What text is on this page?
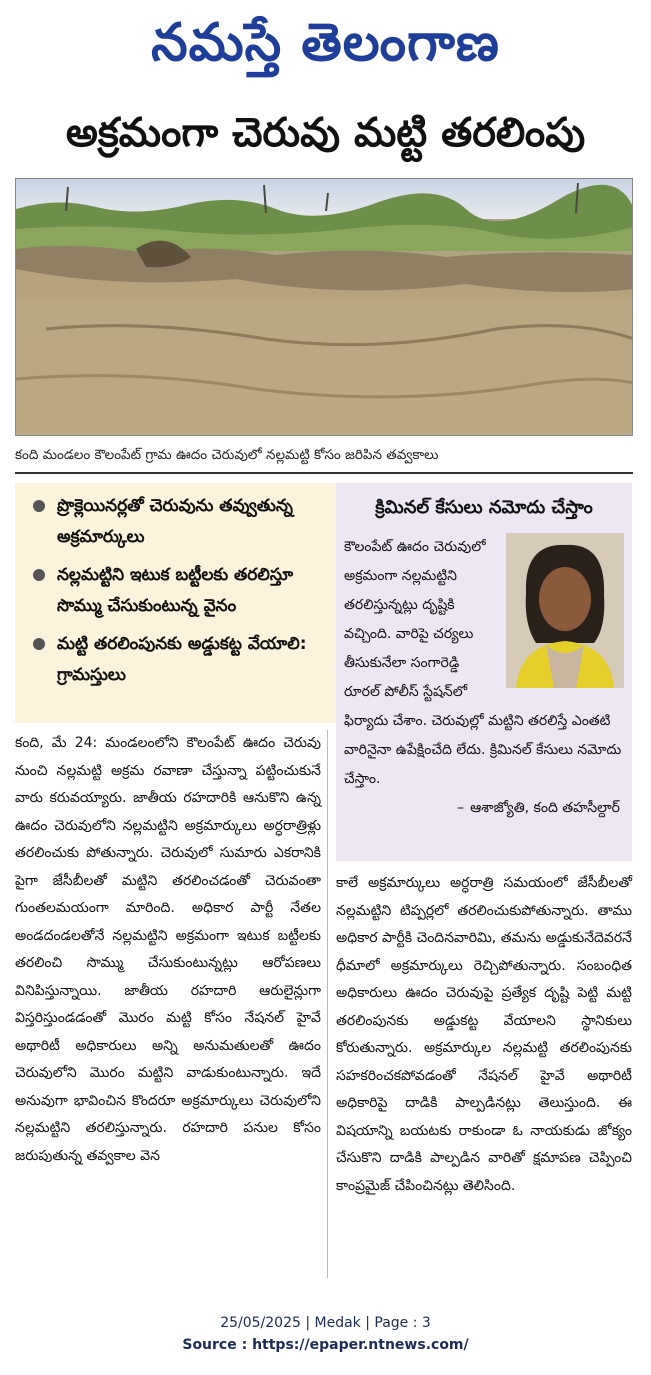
నమస్తే తెలంగాణ
అక్రమంగా చెరువు మట్టి తరలింపు
కంది మండలం కౌలంపేట్ గ్రామ ఊదం చెరువులో నల్లమట్టి కోసం జరిపిన తవ్వకాలు
ప్రొక్లెయినర్లతో చెరువును తవ్వుతున్న అక్రమార్కులు
నల్లమట్టిని ఇటుక బట్టీలకు తరలిస్తూ సొమ్ము చేసుకుంటున్న వైనం
మట్టి తరలింపునకు అడ్డుకట్ట వేయాలి: గ్రామస్తులు
క్రిమినల్ కేసులు నమోదు చేస్తాం

కౌలంపేట్ ఊదం చెరువులో అక్రమంగా నల్లమట్టిని తరలిస్తున్నట్లు దృష్టికి వచ్చింది. వారిపై చర్యలు తీసుకునేలా సంగారెడ్డి రూరల్ పోలీస్ స్టేషన్‌లో ఫిర్యాదు చేశాం. చెరువుల్లో మట్టిని తరలిస్తే ఎంతటి వారినైనా ఉపేక్షించేది లేదు. క్రిమినల్ కేసులు నమోదు చేస్తాం.

– ఆశాజ్యోతి, కంది తహసీల్దార్
కంది, మే 24: మండలంలోని కౌలంపేట్ ఊదం చెరువు నుంచి నల్లమట్టి అక్రమ రవాణా చేస్తున్నా పట్టించుకునే వారు కరువయ్యారు. జాతీయ రహదారికి ఆనుకొని ఉన్న ఊదం చెరువులోని నల్లమట్టిని అక్రమార్కులు అర్ధరాత్రిళ్లు తరలించుకు పోతున్నారు. చెరువులో సుమారు ఎకరానికి పైగా జేసీబీలతో మట్టిని తరలించడంతో చెరువంతా గుంతలమయంగా మారింది. అధికార పార్టీ నేతల అండదండలతోనే నల్లమట్టిని అక్రమంగా ఇటుక బట్టీలకు తరలించి సొమ్ము చేసుకుంటున్నట్లు ఆరోపణలు వినిపిస్తున్నాయి. జాతీయ రహదారి ఆరులైన్లుగా విస్తరిస్తుండడంతో మొరం మట్టి కోసం నేషనల్ హైవే అథారిటీ అధికారులు అన్ని అనుమతులతో ఊదం చెరువులోని మొరం మట్టిని వాడుకుంటున్నారు. ఇదే అనువుగా భావించిన కొందరూ అక్రమార్కులు చెరువులోని నల్లమట్టిని తరలిస్తున్నారు. రహదారి పనుల కోసం జరుపుతున్న తవ్వకాల వెన
కాలే అక్రమార్కులు అర్ధరాత్రి సమయంలో జేసీబీలతో నల్లమట్టిని టిప్పర్లలో తరలించుకుపోతున్నారు. తాము అధికార పార్టీకి చెందినవారిమి, తమను అడ్డుకునేదెవరనే ధీమాలో అక్రమార్కులు రెచ్చిపోతున్నారు. సంబంధిత అధికారులు ఊదం చెరువుపై ప్రత్యేక దృష్టి పెట్టి మట్టి తరలింపునకు అడ్డుకట్ట వేయాలని స్థానికులు కోరుతున్నారు. అక్రమార్కుల నల్లమట్టి తరలింపునకు సహకరించకపోవడంతో నేషనల్ హైవే అథారిటీ అధికారిపై దాడికి పాల్పడినట్లు తెలుస్తుంది. ఈ విషయాన్ని బయటకు రాకుండా ఓ నాయకుడు జోక్యం చేసుకొని దాడికి పాల్పడిన వారితో క్షమాపణ చెప్పించి కాంప్రమైజ్ చేపించినట్లు తెలిసింది.
25/05/2025 | Medak | Page : 3
Source : https://epaper.ntnews.com/
